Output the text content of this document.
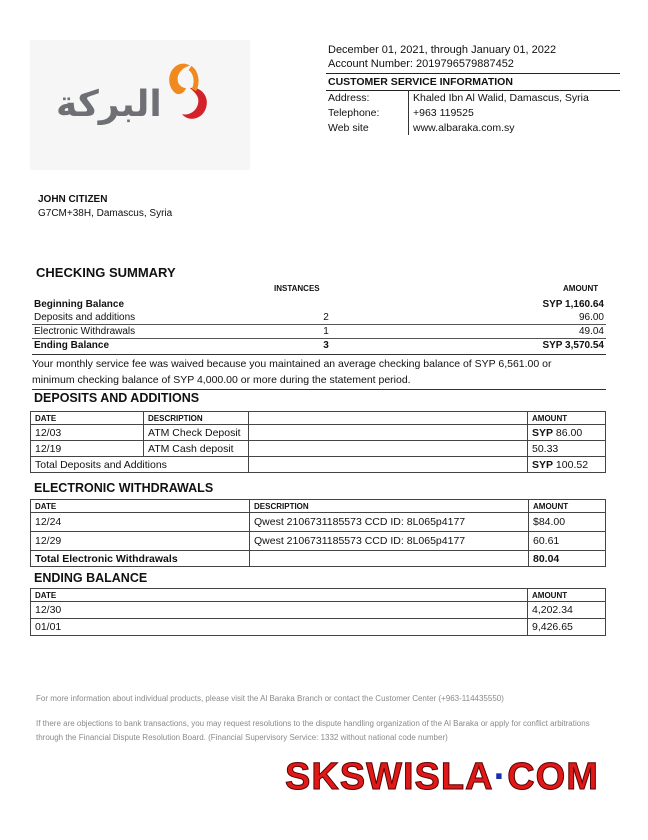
البركة
December 01, 2021, through January 01, 2022
Account Number: 2019796579887452
CUSTOMER SERVICE INFORMATION
Address:	Khaled Ibn Al Walid, Damascus, Syria
Telephone:	+963 119525
Web site	www.albaraka.com.sy
JOHN CITIZEN
G7CM+38H, Damascus, Syria
CHECKING SUMMARY
INSTANCES	AMOUNT
Beginning Balance		SYP 1,160.64
Deposits and additions	2	96.00
Electronic Withdrawals	1	49.04
Ending Balance	3	SYP 3,570.54
Your monthly service fee was waived because you maintained an average checking balance of SYP 6,561.00 or
minimum checking balance of SYP 4,000.00 or more during the statement period.
DEPOSITS AND ADDITIONS
DATE	DESCRIPTION		AMOUNT
12/03	ATM Check Deposit		SYP 86.00
12/19	ATM Cash deposit		50.33
Total Deposits and Additions			SYP 100.52
ELECTRONIC WITHDRAWALS
DATE	DESCRIPTION	AMOUNT
12/24	Qwest 2106731185573 CCD ID: 8L065p4177	$84.00
12/29	Qwest 2106731185573 CCD ID: 8L065p4177	60.61
Total Electronic Withdrawals		80.04
ENDING BALANCE
DATE	AMOUNT
12/30	4,202.34
01/01	9,426.65
For more information about individual products, please visit the Al Baraka Branch or contact the Customer Center (+963-114435550)
If there are objections to bank transactions, you may request resolutions to the dispute handling organization of the Al Baraka or apply for conflict arbitrations through the Financial Dispute Resolution Board. (Financial Supervisory Service: 1332 without national code number)
SKSWISLA·COM
